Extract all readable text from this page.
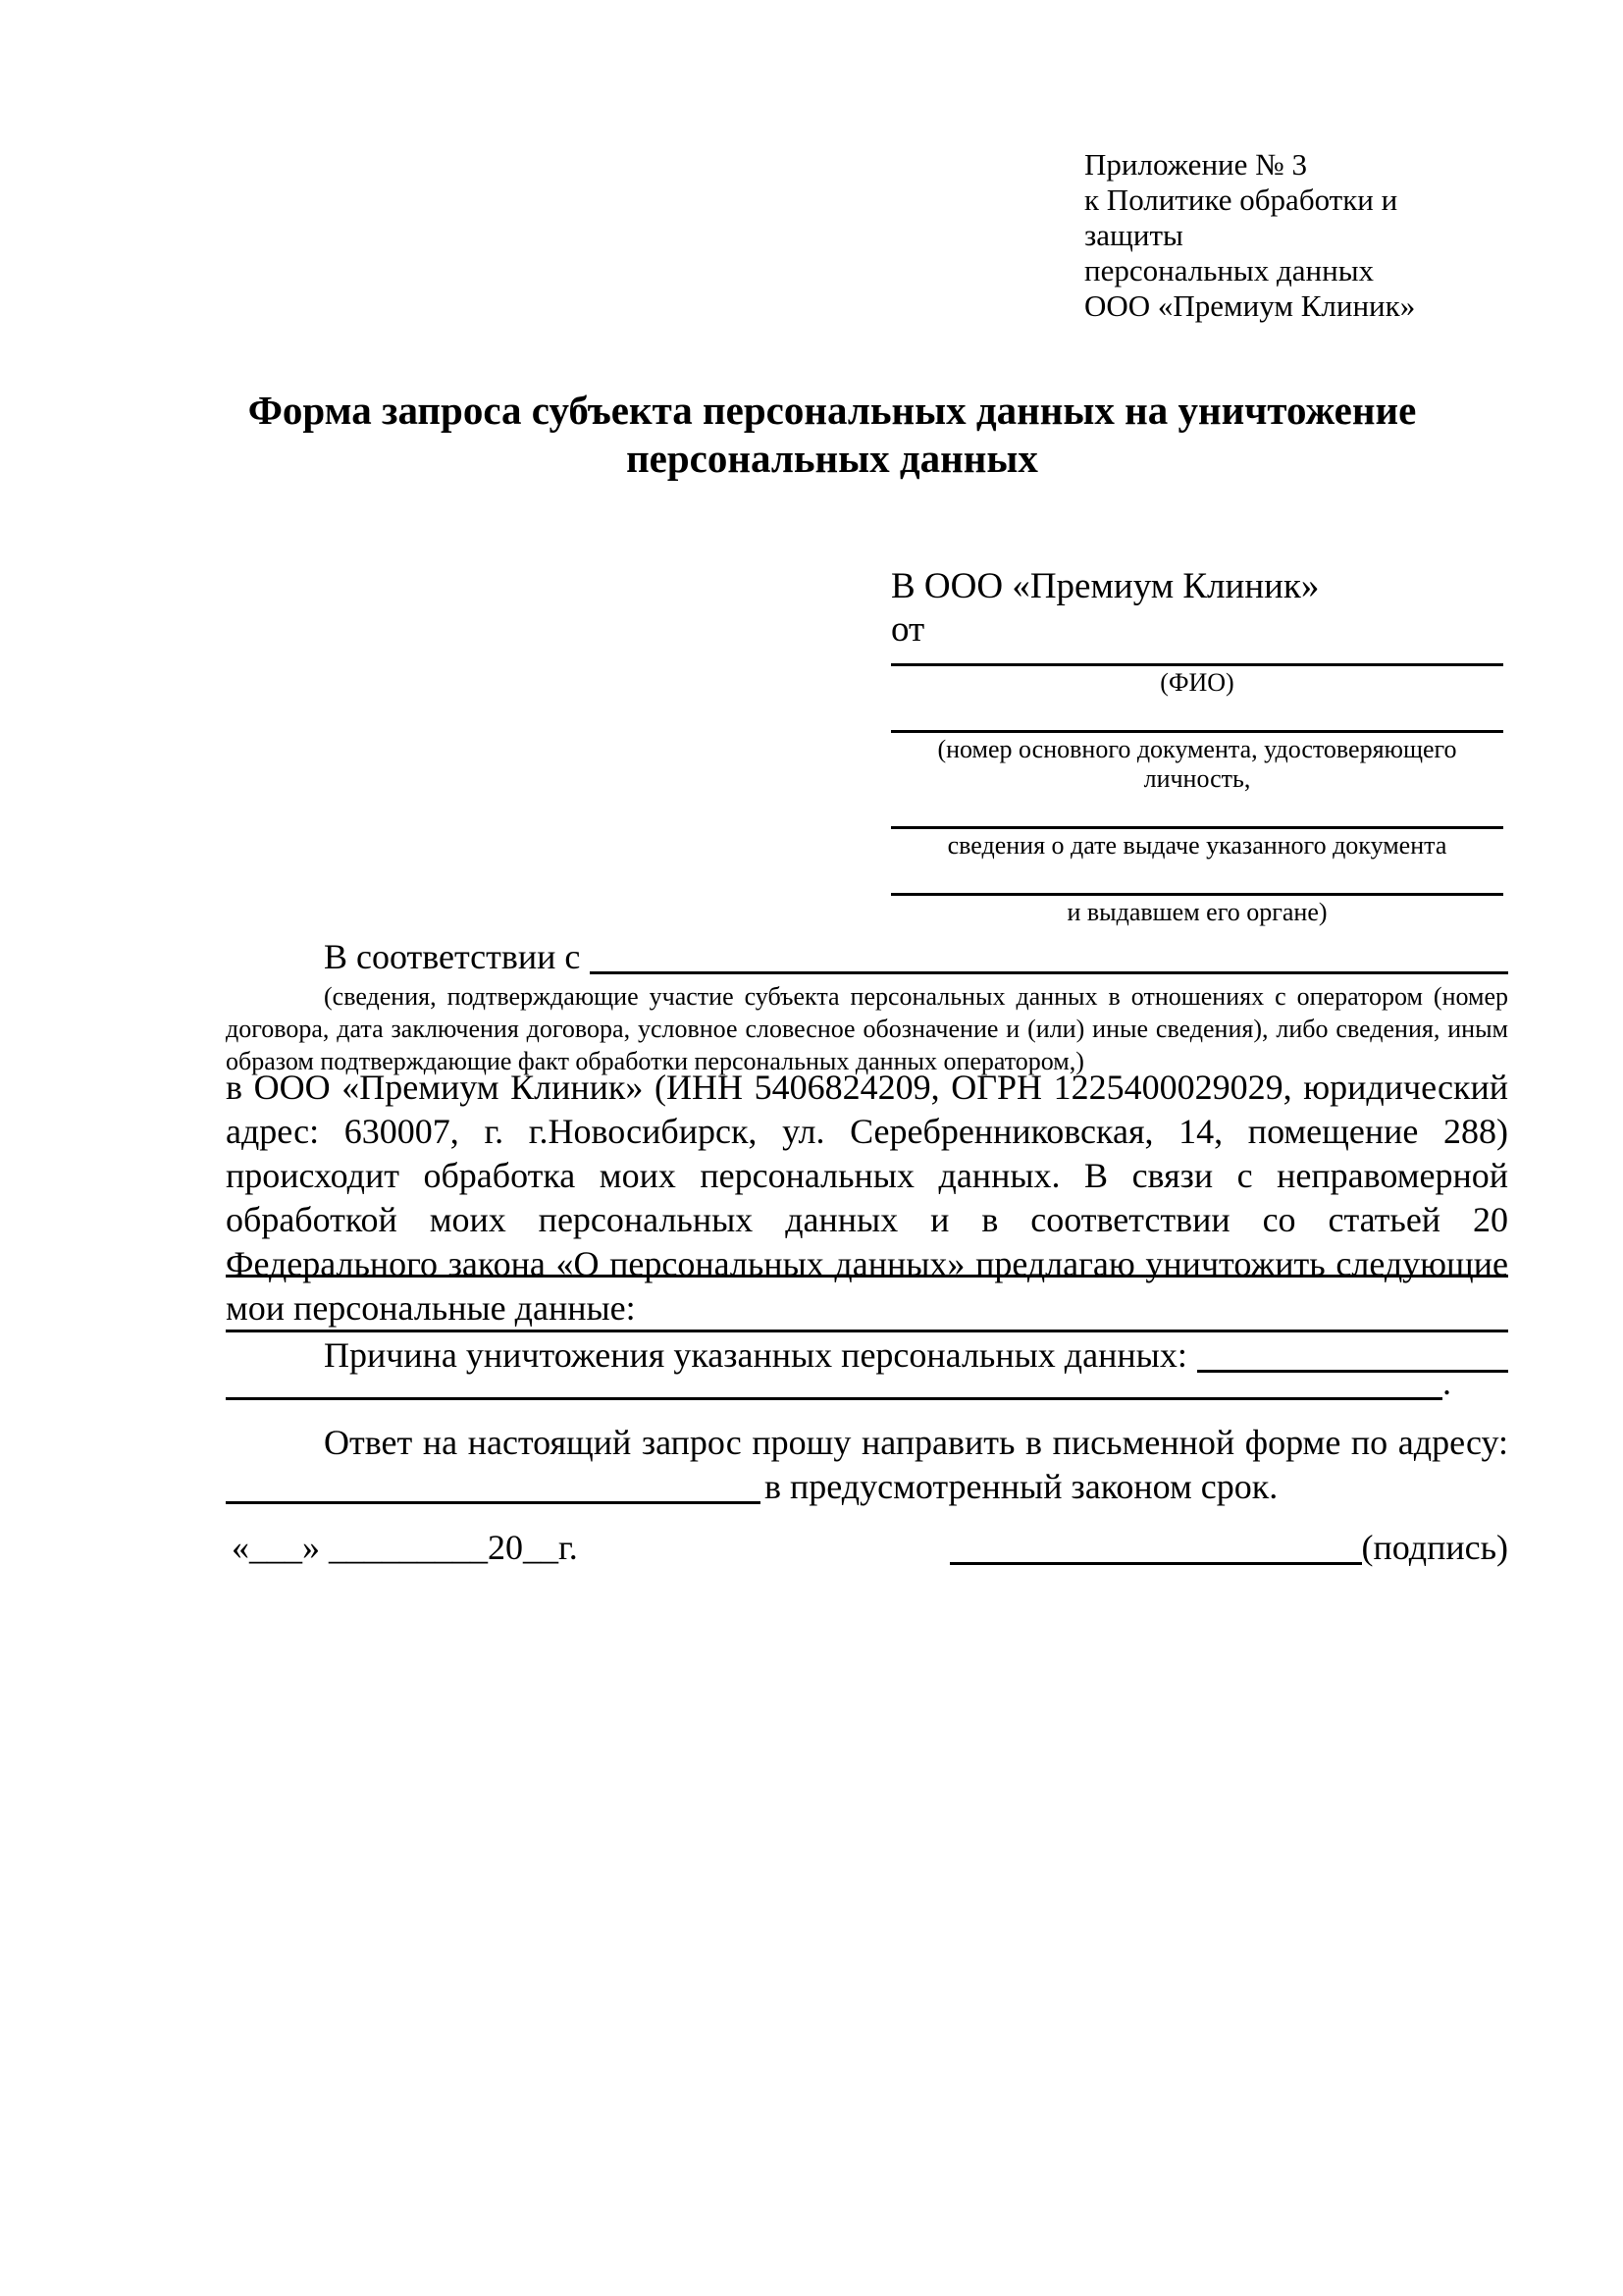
Приложение № 3
к Политике обработки и защиты
персональных данных
ООО «Премиум Клиник»
Форма запроса субъекта персональных данных на уничтожение
персональных данных
В ООО «Премиум Клиник»
от
(ФИО)
(номер основного документа, удостоверяющего личность,
сведения о дате выдаче указанного документа
и выдавшем его органе)
В соответствии с

(сведения, подтверждающие участие субъекта персональных данных в отношениях с оператором (номер договора, дата заключения договора, условное словесное обозначение и (или) иные сведения), либо сведения, иным образом подтверждающие факт обработки персональных данных оператором,)

в ООО «Премиум Клиник» (ИНН 5406824209, ОГРН 1225400029029, юридический адрес: 630007, г. г.Новосибирск, ул. Серебренниковская, 14, помещение 288) происходит обработка моих персональных данных. В связи с неправомерной обработкой моих персональных данных и в соответствии со статьей 20 Федерального закона «О персональных данных» предлагаю уничтожить следующие мои персональные данные:

Причина уничтожения указанных персональных данных:
.

Ответ на настоящий запрос прошу направить в письменной форме по адресу:

в предусмотренный законом срок.
«___» _________20__г.	(подпись)
